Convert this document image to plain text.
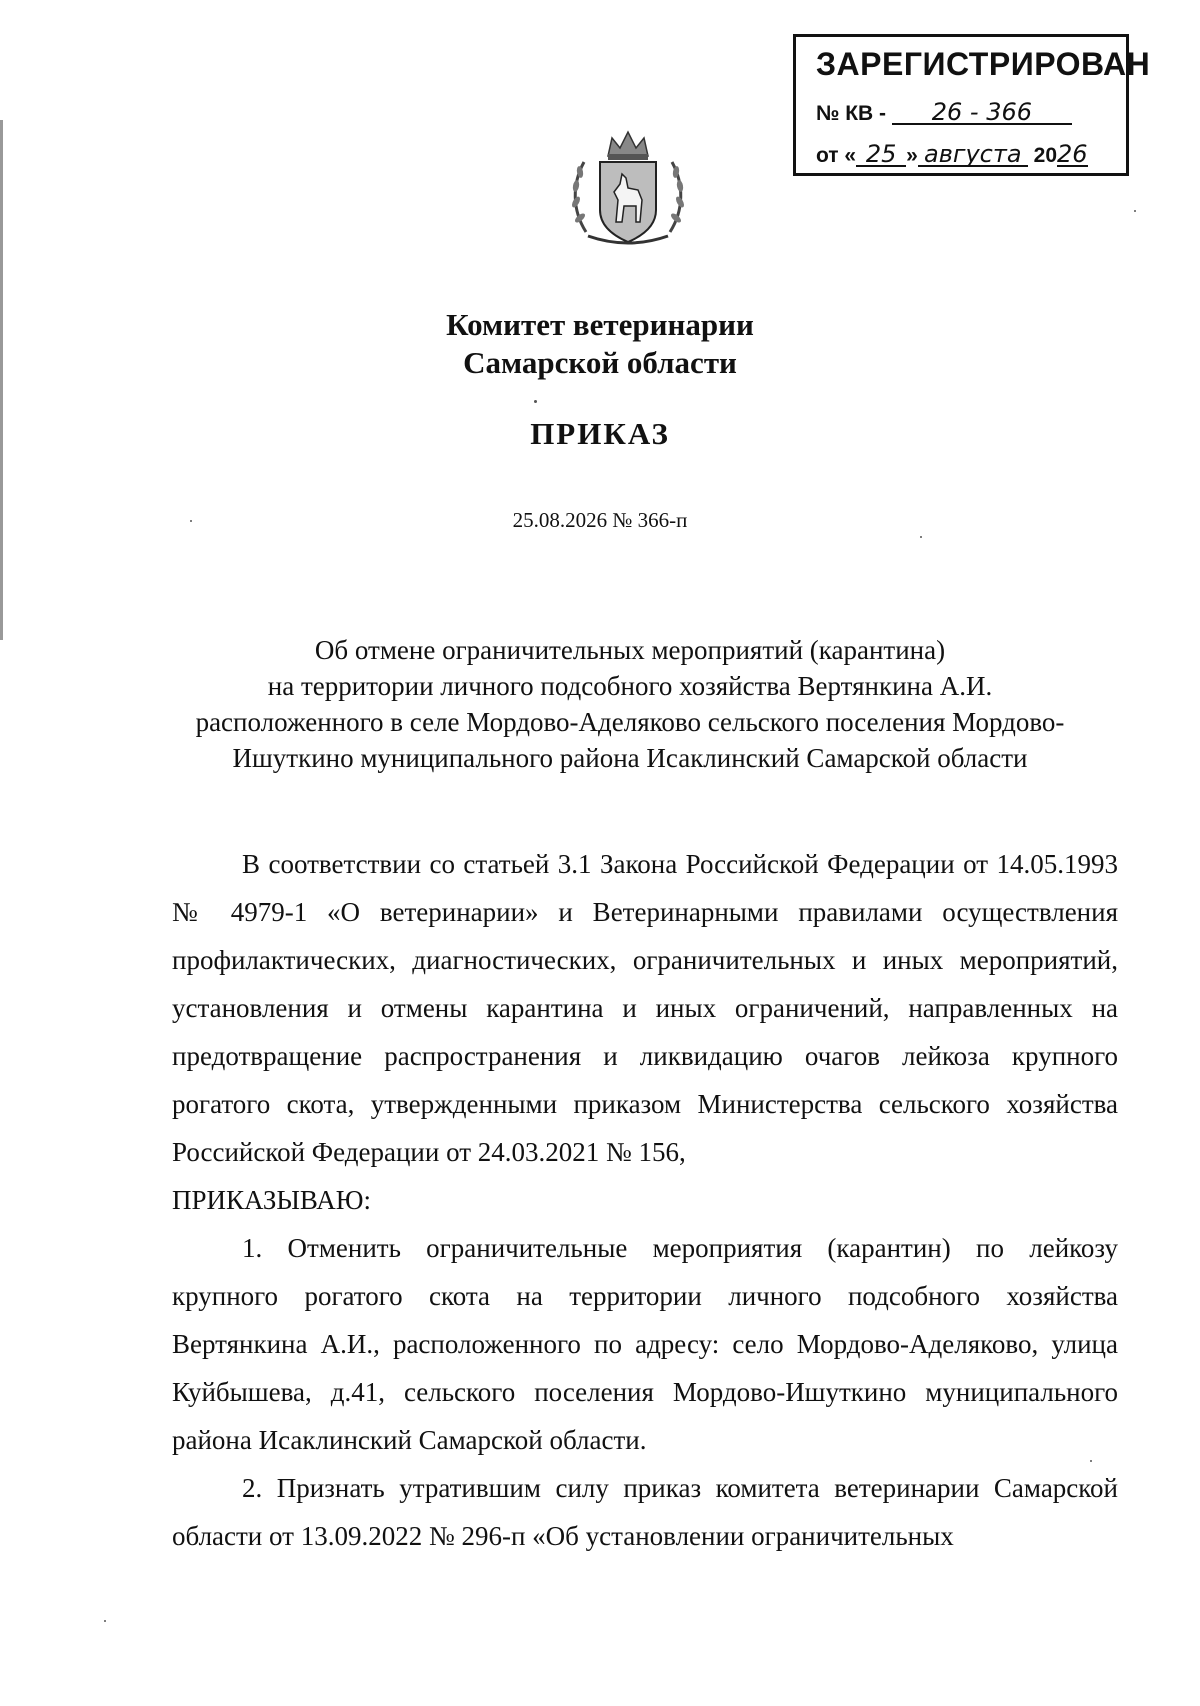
ЗАРЕГИСТРИРОВАН
№ КВ - 26 - 366
от « 25 » августа 2026
Комитет ветеринарии
Самарской области
ПРИКАЗ
25.08.2026 № 366-п
Об отмене ограничительных мероприятий (карантина)
на территории личного подсобного хозяйства Вертянкина А.И.
расположенного в селе Мордово-Аделяково сельского поселения Мордово-
Ишуткино муниципального района Исаклинский Самарской области

В соответствии со статьей 3.1 Закона Российской Федерации от 14.05.1993 № 4979-1 «О ветеринарии» и Ветеринарными правилами осуществления профилактических, диагностических, ограничительных и иных мероприятий, установления и отмены карантина и иных ограничений, направленных на предотвращение распространения и ликвидацию очагов лейкоза крупного рогатого скота, утвержденными приказом Министерства сельского хозяйства Российской Федерации от 24.03.2021 № 156,

ПРИКАЗЫВАЮ:

1. Отменить ограничительные мероприятия (карантин) по лейкозу крупного рогатого скота на территории личного подсобного хозяйства Вертянкина А.И., расположенного по адресу: село Мордово-Аделяково, улица Куйбышева, д.41, сельского поселения Мордово-Ишуткино муниципального района Исаклинский Самарской области.

2. Признать утратившим силу приказ комитета ветеринарии Самарской области от 13.09.2022 № 296-п «Об установлении ограничительных
